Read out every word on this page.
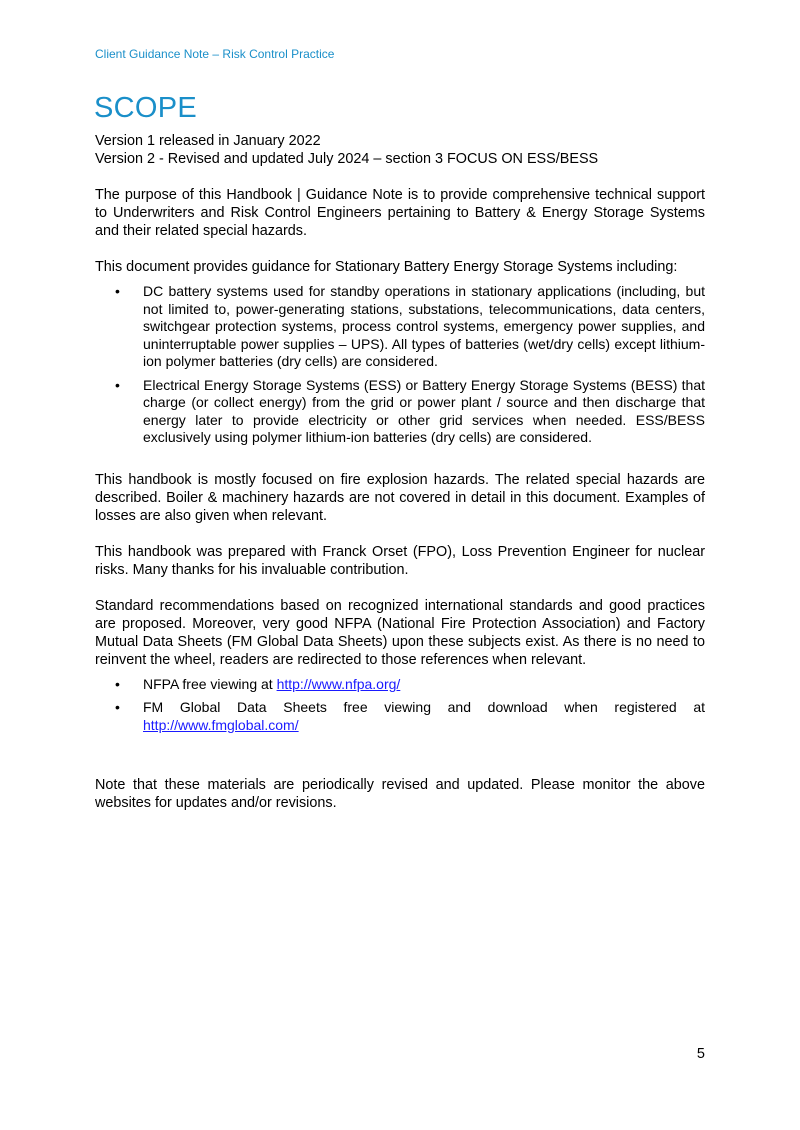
Client Guidance Note – Risk Control Practice
SCOPE

Version 1 released in January 2022

Version 2 - Revised and updated July 2024 – section 3 FOCUS ON ESS/BESS

The purpose of this Handbook | Guidance Note is to provide comprehensive technical support to Underwriters and Risk Control Engineers pertaining to Battery & Energy Storage Systems and their related special hazards.

This document provides guidance for Stationary Battery Energy Storage Systems including:

• DC battery systems used for standby operations in stationary applications (including, but not limited to, power-generating stations, substations, telecommunications, data centers, switchgear protection systems, process control systems, emergency power supplies, and uninterruptable power supplies – UPS). All types of batteries (wet/dry cells) except lithium-ion polymer batteries (dry cells) are considered.
• Electrical Energy Storage Systems (ESS) or Battery Energy Storage Systems (BESS) that charge (or collect energy) from the grid or power plant / source and then discharge that energy later to provide electricity or other grid services when needed. ESS/BESS exclusively using polymer lithium-ion batteries (dry cells) are considered.

This handbook is mostly focused on fire explosion hazards. The related special hazards are described. Boiler & machinery hazards are not covered in detail in this document. Examples of losses are also given when relevant.

This handbook was prepared with Franck Orset (FPO), Loss Prevention Engineer for nuclear risks. Many thanks for his invaluable contribution.

Standard recommendations based on recognized international standards and good practices are proposed. Moreover, very good NFPA (National Fire Protection Association) and Factory Mutual Data Sheets (FM Global Data Sheets) upon these subjects exist. As there is no need to reinvent the wheel, readers are redirected to those references when relevant.

• NFPA free viewing at http://www.nfpa.org/
• FM Global Data Sheets free viewing and download when registered at http://www.fmglobal.com/

Note that these materials are periodically revised and updated. Please monitor the above websites for updates and/or revisions.

5
